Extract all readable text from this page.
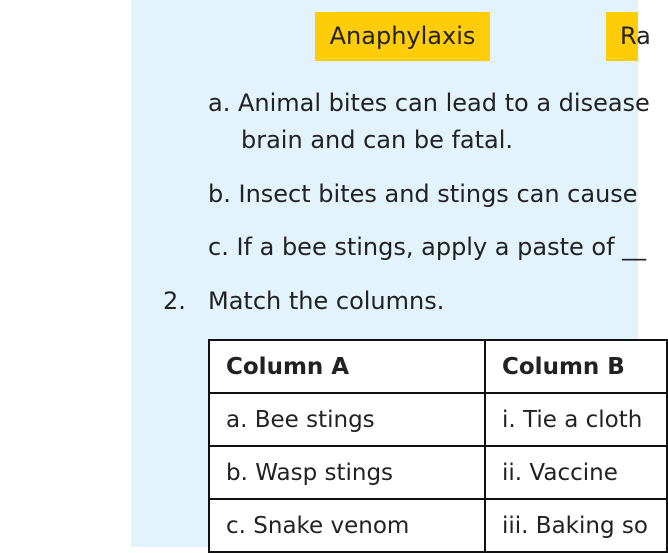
Anaphylaxis	Ra
a. Animal bites can lead to a disease
brain and can be fatal.
b. Insect bites and stings can cause
c. If a bee stings, apply a paste of __
2. Match the columns.
Column A	Column B
a. Bee stings	i. Tie a cloth
b. Wasp stings	ii. Vaccine
c. Snake venom	iii. Baking so
